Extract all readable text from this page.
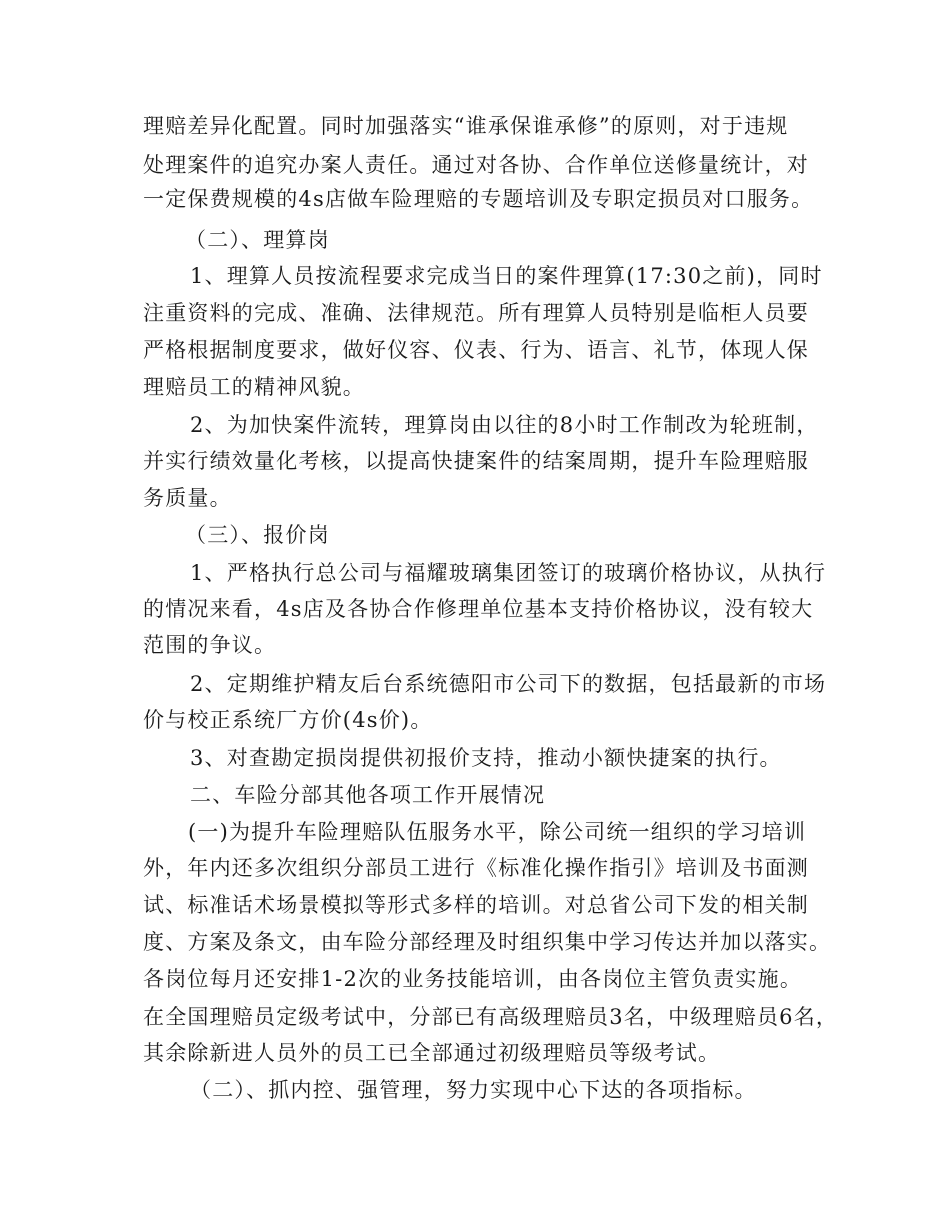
理赔差异化配置。同时加强落实“谁承保谁承修”的原则，对于违规
处理案件的追究办案人责任。通过对各协、合作单位送修量统计，对
一定保费规模的4s店做车险理赔的专题培训及专职定损员对口服务。
（二）、理算岗
1、理算人员按流程要求完成当日的案件理算(17:30之前)，同时
注重资料的完成、准确、法律规范。所有理算人员特别是临柜人员要
严格根据制度要求，做好仪容、仪表、行为、语言、礼节，体现人保
理赔员工的精神风貌。
2、为加快案件流转，理算岗由以往的8小时工作制改为轮班制，
并实行绩效量化考核，以提高快捷案件的结案周期，提升车险理赔服
务质量。
（三）、报价岗
1、严格执行总公司与福耀玻璃集团签订的玻璃价格协议，从执行
的情况来看，4s店及各协合作修理单位基本支持价格协议，没有较大
范围的争议。
2、定期维护精友后台系统德阳市公司下的数据，包括最新的市场
价与校正系统厂方价(4s价)。
3、对查勘定损岗提供初报价支持，推动小额快捷案的执行。
二、车险分部其他各项工作开展情况
(一)为提升车险理赔队伍服务水平，除公司统一组织的学习培训
外，年内还多次组织分部员工进行《标准化操作指引》培训及书面测
试、标准话术场景模拟等形式多样的培训。对总省公司下发的相关制
度、方案及条文，由车险分部经理及时组织集中学习传达并加以落实。
各岗位每月还安排1-2次的业务技能培训，由各岗位主管负责实施。
在全国理赔员定级考试中，分部已有高级理赔员3名，中级理赔员6名，
其余除新进人员外的员工已全部通过初级理赔员等级考试。
（二）、抓内控、强管理，努力实现中心下达的各项指标。
